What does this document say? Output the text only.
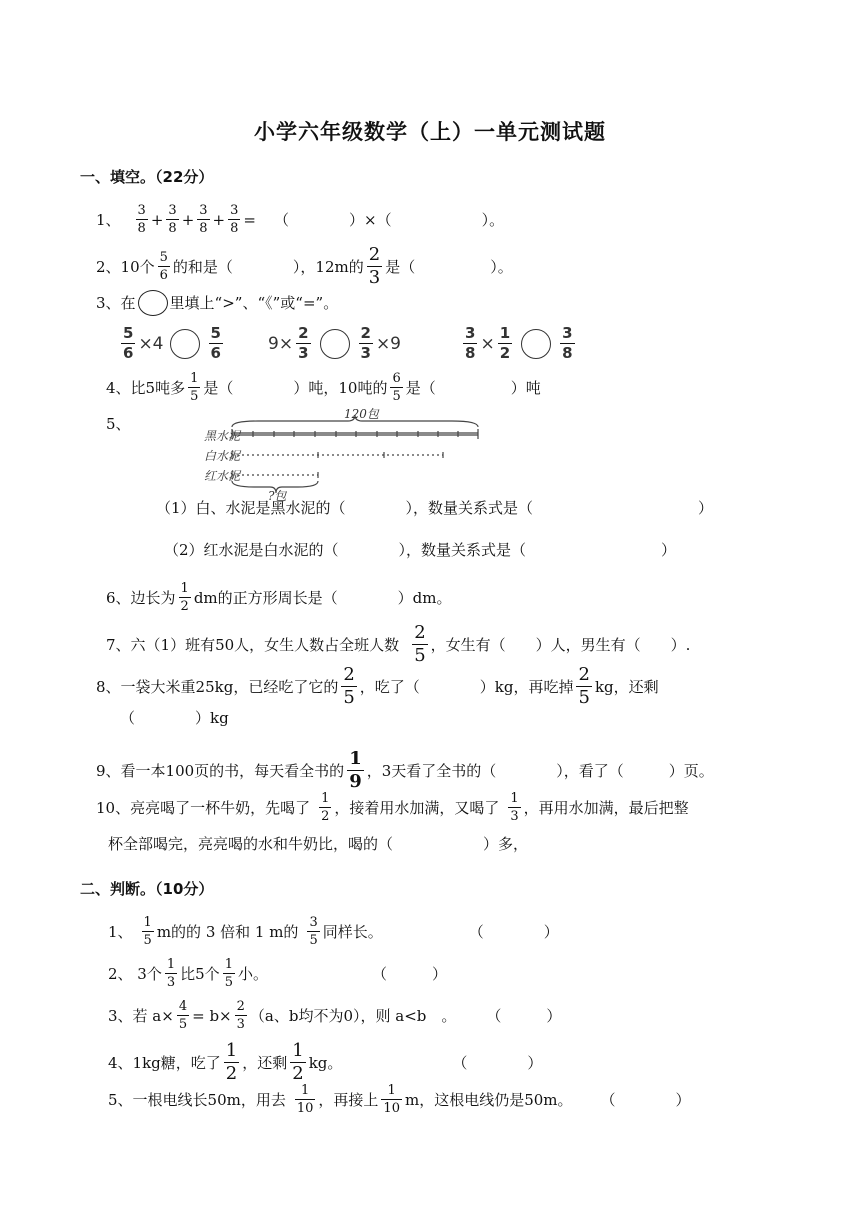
小学六年级数学（上）一单元测试题
一、填空。（22分）
1、 $\frac{3}{8} + \frac{3}{8} + \frac{3}{8} + \frac{3}{8}$ = （　　　　） × （　　　　　　）。
2、10个 $\frac{5}{6}$ 的和是（　　　　），12m的 $\frac{2}{3}$ 是（　　　　　）。
3、在 里填上“>”、“《”或“=”。
$\frac{5}{6} \times 4$	$\frac{5}{6}$	$9\times \frac{2}{3}$	$\frac{2}{3} \times 9$	$\frac{3}{8} \times \frac{1}{2}$	$\frac{3}{8}$
4、比5吨多 $\frac{1}{5}$ 是（　　　　）吨，10吨的 $\frac{6}{5}$ 是（　　　　　）吨
5、
黑水泥
白水泥
红水泥
120包
?包
（1）白、水泥是黑水泥的（　　　　），数量关系式是（　　　　　　　　　　　）
（2）红水泥是白水泥的（　　　　），数量关系式是（　　　　　　　　　）
6、边长为 $\frac{1}{2}$ dm的正方形周长是（　　　　）dm。
7、六（1）班有50人，女生人数占全班人数 $\frac{2}{5}$ ，女生有（　　）人，男生有（　　）.
8、一袋大米重25kg，已经吃了它的 $\frac{2}{5}$ ，吃了（　　　　）kg，再吃掉 $\frac{2}{5}$ kg，还剩
（　　　　）kg
9、看一本100页的书，每天看全书的 $\frac{1}{9}$ ，3天看了全书的（　　　　），看了（　　　）页。
10、亮亮喝了一杯牛奶，先喝了 $\frac{1}{2}$ ，接着用水加满，又喝了 $\frac{1}{3}$ ，再用水加满，最后把整
杯全部喝完，亮亮喝的水和牛奶比，喝的（　　　　　　）多，
二、判断。（10分）
1、 $\frac{1}{5}$ m的的 3 倍和 1 m的 $\frac{3}{5}$ 同样长。	（　　　　）
2、 3个 $\frac{1}{3}$ 比5个 $\frac{1}{5}$ 小。	（　　　）
3、若 $a\times \frac{4}{5} = b\times \frac{2}{3} (a$、b均不为0），则 a<b　。 （　　　）
4、1kg糖，吃了 $\frac{1}{2}$ ，还剩 $\frac{1}{2}$ kg。	（　　　　）
5、一根电线长50m，用去 $\frac{1}{10}$ ，再接上 $\frac{1}{10}$ m，这根电线仍是50m。 （　　　　）
